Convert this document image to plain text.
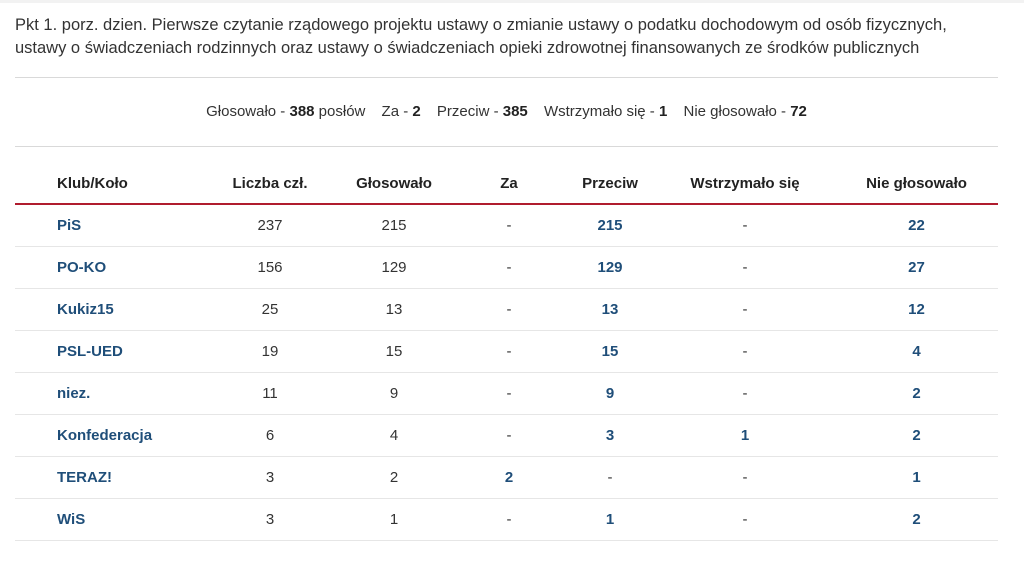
Pkt 1. porz. dzien. Pierwsze czytanie rządowego projektu ustawy o zmianie ustawy o podatku dochodowym od osób fizycznych,
ustawy o świadczeniach rodzinnych oraz ustawy o świadczeniach opieki zdrowotnej finansowanych ze środków publicznych
Głosowało - 388 posłów Za - 2 Przeciw - 385 Wstrzymało się - 1 Nie głosowało - 72
Klub/Koło	Liczba czł.	Głosowało	Za	Przeciw	Wstrzymało się	Nie głosowało
PiS	237	215	-	215	-	22
PO-KO	156	129	-	129	-	27
Kukiz15	25	13	-	13	-	12
PSL-UED	19	15	-	15	-	4
niez.	11	9	-	9	-	2
Konfederacja	6	4	-	3	1	2
TERAZ!	3	2	2	-	-	1
WiS	3	1	-	1	-	2
